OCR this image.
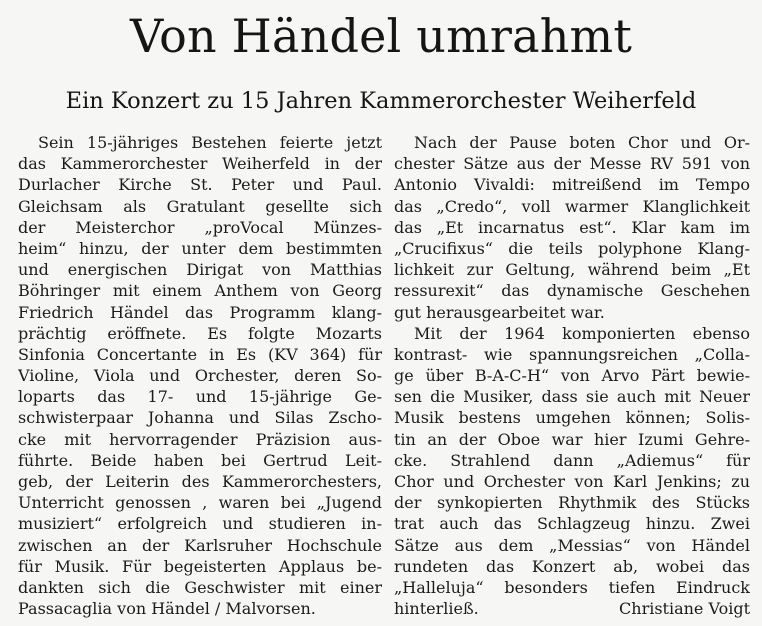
Von Händel umrahmt
Ein Konzert zu 15 Jahren Kammerorchester Weiherfeld
Sein 15-jähriges Bestehen feierte jetzt
das Kammerorchester Weiherfeld in der
Durlacher Kirche St. Peter und Paul.
Gleichsam als Gratulant gesellte sich
der Meisterchor „proVocal Münzes-
heim“ hinzu, der unter dem bestimmten
und energischen Dirigat von Matthias
Böhringer mit einem Anthem von Georg
Friedrich Händel das Programm klang-
prächtig eröffnete. Es folgte Mozarts
Sinfonia Concertante in Es (KV 364) für
Violine, Viola und Orchester, deren So-
loparts das 17- und 15-jährige Ge-
schwisterpaar Johanna und Silas Zscho-
cke mit hervorragender Präzision aus-
führte. Beide haben bei Gertrud Leit-
geb, der Leiterin des Kammerorchesters,
Unterricht genossen , waren bei „Jugend
musiziert“ erfolgreich und studieren in-
zwischen an der Karlsruher Hochschule
für Musik. Für begeisterten Applaus be-
dankten sich die Geschwister mit einer
Passacaglia von Händel / Malvorsen.
Nach der Pause boten Chor und Or-
chester Sätze aus der Messe RV 591 von
Antonio Vivaldi: mitreißend im Tempo
das „Credo“, voll warmer Klanglichkeit
das „Et incarnatus est“. Klar kam im
„Crucifixus“ die teils polyphone Klang-
lichkeit zur Geltung, während beim „Et
ressurexit“ das dynamische Geschehen
gut herausgearbeitet war.
Mit der 1964 komponierten ebenso
kontrast- wie spannungsreichen „Colla-
ge über B-A-C-H“ von Arvo Pärt bewie-
sen die Musiker, dass sie auch mit Neuer
Musik bestens umgehen können; Solis-
tin an der Oboe war hier Izumi Gehre-
cke. Strahlend dann „Adiemus“ für
Chor und Orchester von Karl Jenkins; zu
der synkopierten Rhythmik des Stücks
trat auch das Schlagzeug hinzu. Zwei
Sätze aus dem „Messias“ von Händel
rundeten das Konzert ab, wobei das
„Halleluja“ besonders tiefen Eindruck
hinterließ.	Christiane Voigt
